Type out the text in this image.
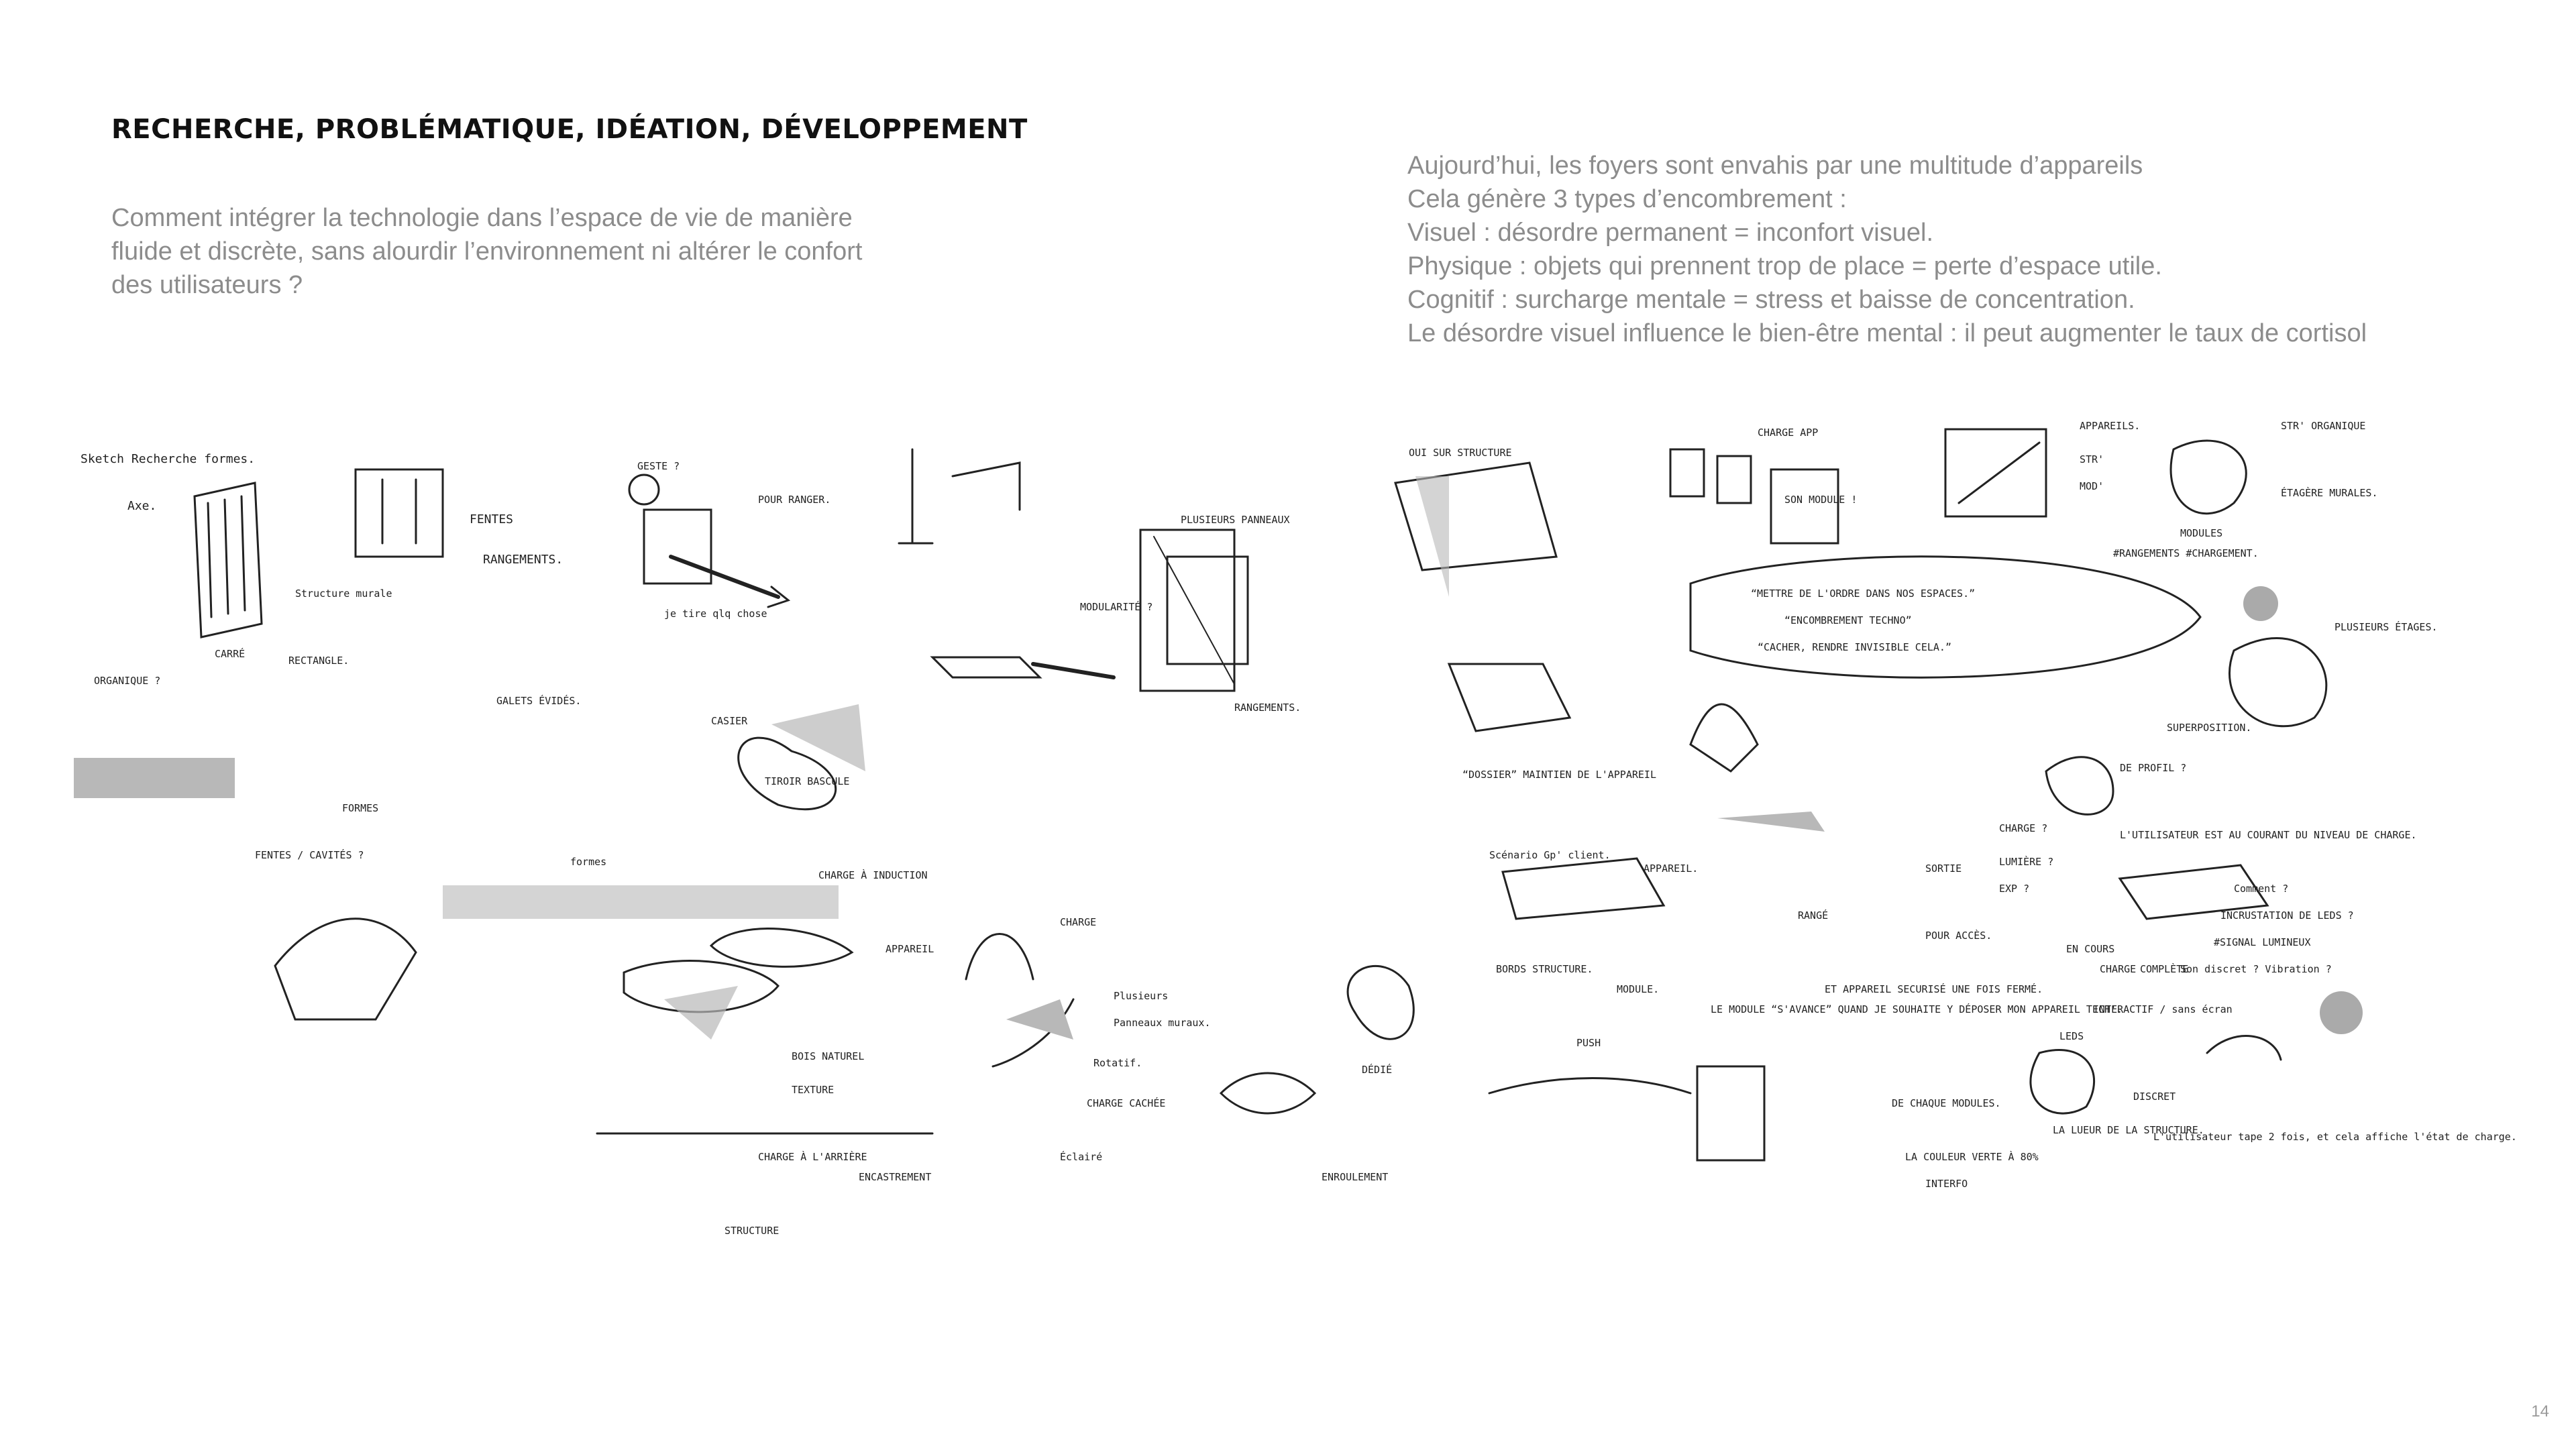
RECHERCHE, PROBLÉMATIQUE, IDÉATION, DÉVELOPPEMENT
Comment intégrer la technologie dans l’espace de vie de manière
fluide et discrète, sans alourdir l’environnement ni altérer le confort
des utilisateurs ?
Aujourd’hui, les foyers sont envahis par une multitude d’appareils
Cela génère 3 types d’encombrement :
Visuel : désordre permanent = inconfort visuel.
Physique : objets qui prennent trop de place = perte d’espace utile.
Cognitif : surcharge mentale = stress et baisse de concentration.
Le désordre visuel influence le bien-être mental : il peut augmenter le taux de cortisol
Sketch Recherche formes.
Axe.
FENTES
RANGEMENTS.
Structure murale
CARRÉ
RECTANGLE.
ORGANIQUE ?
GALETS ÉVIDÉS.
FORMES
FENTES / CAVITÉS ?
GESTE ?
POUR RANGER.
je tire qlq chose
CASIER
TIROIR BASCULE
formes
CHARGE À INDUCTION
APPAREIL
BOIS NATUREL
TEXTURE
CHARGE À L'ARRIÈRE
ENCASTREMENT
STRUCTURE
PLUSIEURS PANNEAUX
MODULARITÉ ?
RANGEMENTS.
Plusieurs
Panneaux muraux.
Rotatif.
CHARGE CACHÉE
Éclairé
ENROULEMENT
CHARGE
DÉDIÉ
OUI SUR STRUCTURE
CHARGE APP
SON MODULE !
APPAREILS.
STR'
MOD'
STR' ORGANIQUE
ÉTAGÈRE MURALES.
MODULES
#RANGEMENTS #CHARGEMENT.
“METTRE DE L'ORDRE DANS NOS ESPACES.”
“ENCOMBREMENT TECHNO”
“CACHER, RENDRE INVISIBLE CELA.”
PLUSIEURS ÉTAGES.
SUPERPOSITION.
DE PROFIL ?
“DOSSIER” MAINTIEN DE L'APPAREIL
Scénario Gp' client.
APPAREIL.
BORDS STRUCTURE.
MODULE.
PUSH
LE MODULE “S'AVANCE” QUAND JE SOUHAITE Y DÉPOSER MON APPAREIL TECH'.
SORTIE
RANGÉ
POUR ACCÈS.
ET APPAREIL SECURISÉ UNE FOIS FERMÉ.
CHARGE ?
LUMIÈRE ?
EXP ?
L'UTILISATEUR EST AU COURANT DU NIVEAU DE CHARGE.
Comment ?
INCRUSTATION DE LEDS ?
#SIGNAL LUMINEUX
Son discret ? Vibration ?
EN COURS
CHARGE COMPLÈTE
INTERACTIF / sans écran
LEDS
DE CHAQUE MODULES.
DISCRET
LA LUEUR DE LA STRUCTURE.
LA COULEUR VERTE À 80%
INTERFO
L'utilisateur tape 2 fois, et cela affiche l'état de charge.
14
